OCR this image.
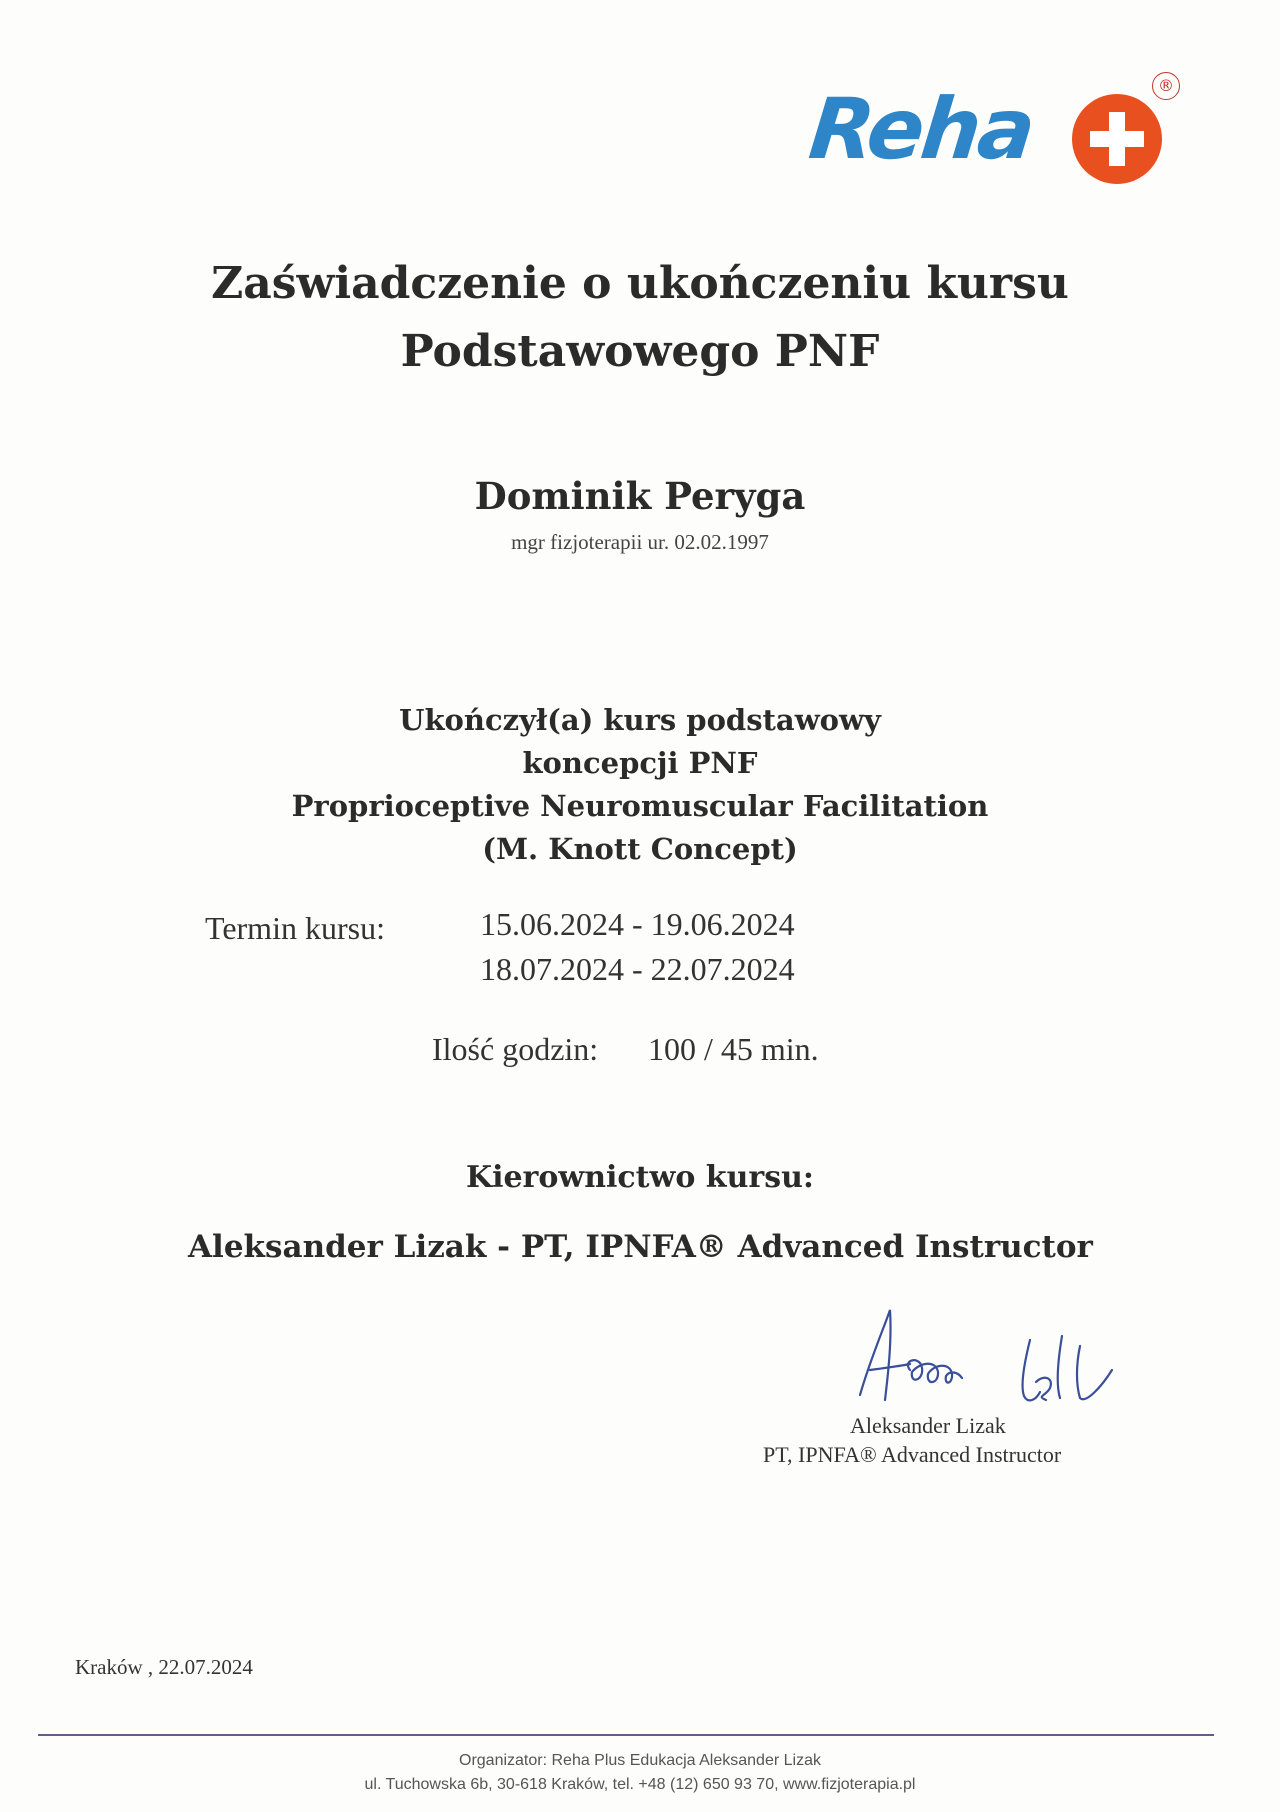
Reha	®
Zaświadczenie o ukończeniu kursu
Podstawowego PNF
Dominik Peryga
mgr fizjoterapii ur. 02.02.1997
Ukończył(a) kurs podstawowy
koncepcji PNF
Proprioceptive Neuromuscular Facilitation
(M. Knott Concept)
Termin kursu:	15.06.2024 - 19.06.2024
18.07.2024 - 22.07.2024
Ilość godzin: 100 / 45 min.
Kierownictwo kursu:
Aleksander Lizak - PT, IPNFA® Advanced Instructor
Aleksander Lizak
PT, IPNFA® Advanced Instructor
Kraków , 22.07.2024
Organizator: Reha Plus Edukacja Aleksander Lizak
ul. Tuchowska 6b, 30-618 Kraków, tel. +48 (12) 650 93 70, www.fizjoterapia.pl
